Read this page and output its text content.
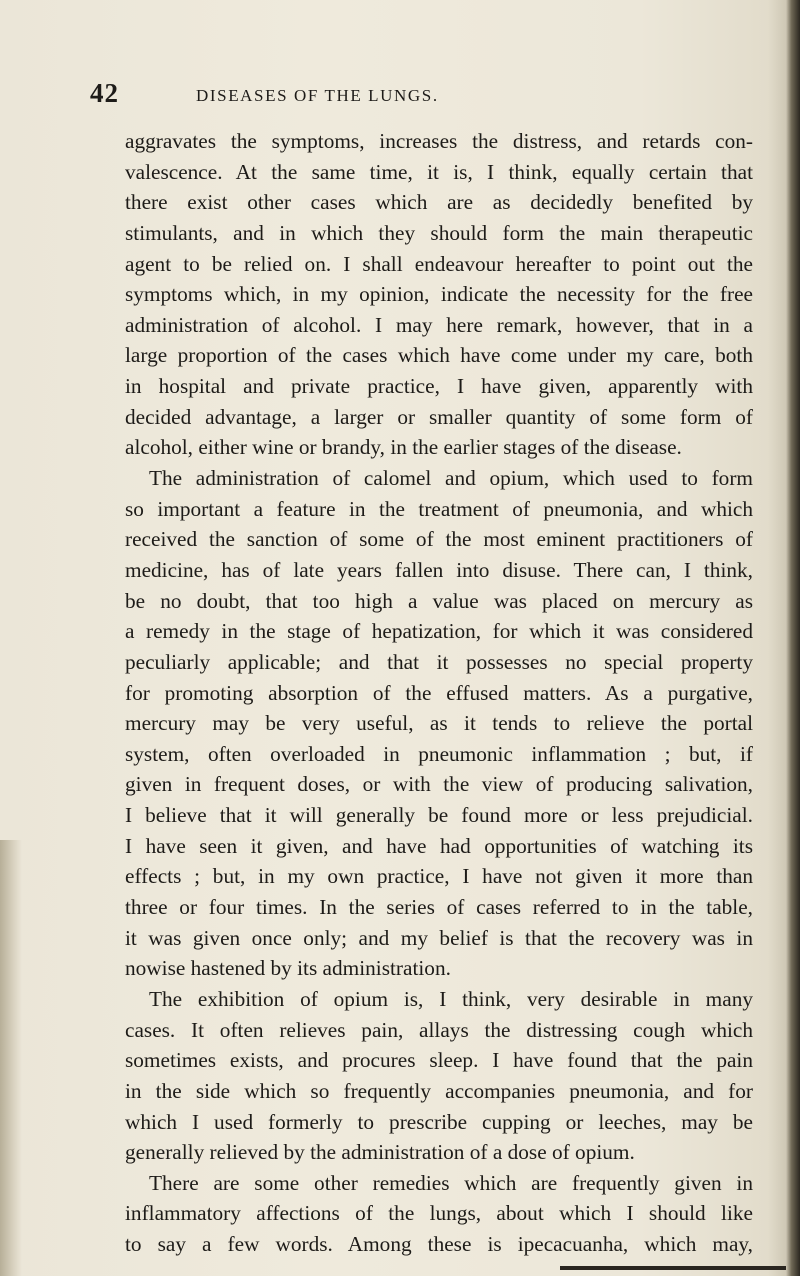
42	DISEASES OF THE LUNGS.
aggravates the symptoms, increases the distress, and retards con-
valescence. At the same time, it is, I think, equally certain that
there exist other cases which are as decidedly benefited by
stimulants, and in which they should form the main therapeutic
agent to be relied on. I shall endeavour hereafter to point out the
symptoms which, in my opinion, indicate the necessity for the free
administration of alcohol. I may here remark, however, that in a
large proportion of the cases which have come under my care, both
in hospital and private practice, I have given, apparently with
decided advantage, a larger or smaller quantity of some form of
alcohol, either wine or brandy, in the earlier stages of the disease.
The administration of calomel and opium, which used to form
so important a feature in the treatment of pneumonia, and which
received the sanction of some of the most eminent practitioners of
medicine, has of late years fallen into disuse. There can, I think,
be no doubt, that too high a value was placed on mercury as
a remedy in the stage of hepatization, for which it was considered
peculiarly applicable; and that it possesses no special property
for promoting absorption of the effused matters. As a purgative,
mercury may be very useful, as it tends to relieve the portal
system, often overloaded in pneumonic inflammation ; but, if
given in frequent doses, or with the view of producing salivation,
I believe that it will generally be found more or less prejudicial.
I have seen it given, and have had opportunities of watching its
effects ; but, in my own practice, I have not given it more than
three or four times. In the series of cases referred to in the table,
it was given once only; and my belief is that the recovery was in
nowise hastened by its administration.
The exhibition of opium is, I think, very desirable in many
cases. It often relieves pain, allays the distressing cough which
sometimes exists, and procures sleep. I have found that the pain
in the side which so frequently accompanies pneumonia, and for
which I used formerly to prescribe cupping or leeches, may be
generally relieved by the administration of a dose of opium.
There are some other remedies which are frequently given in
inflammatory affections of the lungs, about which I should like
to say a few words. Among these is ipecacuanha, which may,
